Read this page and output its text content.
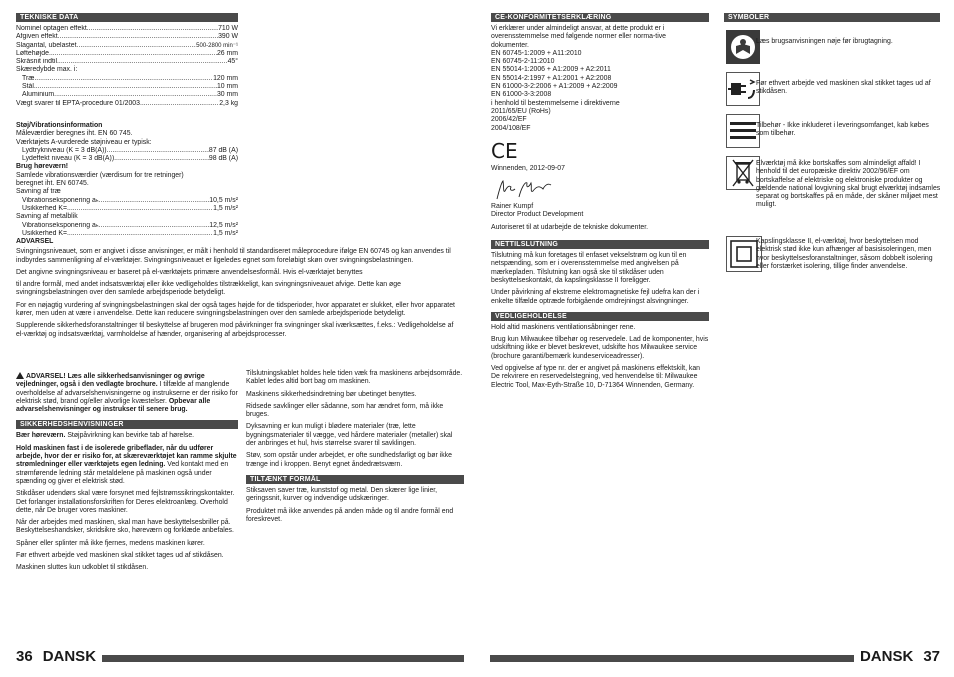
TEKNISKE DATA
Nominel optagen effekt .....	710 W
Afgiven effekt .....	390 W
Slagantal, ubelastet .....	500-2800 min⁻¹
Løftehøjde .....	26 mm
Skråsnit indtil .....	45°
Skæredybde max. i:
Træ .....	120 mm
Stål .....	10 mm
Aluminium .....	30 mm
Vægt svarer til EPTA-procedure 01/2003 .....	2,3 kg
Støj/Vibrationsinformation
Måleværdier beregnes iht. EN 60 745.
Værktøjets A-vurderede støjniveau er typisk:
Lydtrykniveau (K = 3 dB(A)) .....	87 dB (A)
Lydeffekt niveau (K = 3 dB(A)) .....	98 dB (A)
Brug høreværn!
Samlede vibrationsværdier (værdisum for tre retninger)
beregnet iht. EN 60745.
Savning af træ
Vibrationseksponering aₕ .....	10,5 m/s²
Usikkerhed K= .....	1,5 m/s²
Savning af metalblik
Vibrationseksponering aₕ .....	12,5 m/s²
Usikkerhed K= .....	1,5 m/s²
ADVARSEL

Svingningsniveauet, som er angivet i disse anvisninger, er målt i henhold til standardiseret måleprocedure ifølge EN 60745 og kan anvendes til indbyrdes sammenligning af el-værktøjer. Svingningsniveauet er ligeledes egnet som foreløbigt skøn over svingningsbelastningen.

Det angivne svingningsniveau er baseret på el-værktøjets primære anvendelsesformål. Hvis el-værktøjet benyttes

til andre formål, med andet indsatsværktøj eller ikke vedligeholdes tilstrækkeligt, kan svingningsniveauet afvige. Dette kan øge svingningsbelastningen over den samlede arbejdsperiode betydeligt.

For en nøjagtig vurdering af svingningsbelastningen skal der også tages højde for de tidsperioder, hvor apparatet er slukket, eller hvor apparatet kører, men uden at være i anvendelse. Dette kan reducere svingningsbelastningen over den samlede arbejdsperiode betydeligt.

Supplerende sikkerhedsforanstaltninger til beskyttelse af brugeren mod påvirkninger fra svingninger skal iværksættes, f.eks.: Vedligeholdelse af el-værktøj og indsatsværktøj, varmholdelse af hænder, organisering af arbejdsprocesser.

ADVARSEL! Læs alle sikkerhedsanvisninger og øvrige vejledninger, også i den vedlagte brochure. I tilfælde af manglende overholdelse af advarselshenvisningerne og instrukserne er der risiko for elektrisk stød, brand og/eller alvorlige kvæstelser. Opbevar alle advarselshenvisninger og instrukser til senere brug.

SIKKERHEDSHENVISNINGER

Bær høreværn. Støjpåvirkning kan bevirke tab af hørelse.

Hold maskinen fast i de isolerede gribeflader, når du udfører arbejde, hvor der er risiko for, at skæreværktøjet kan ramme skjulte strømledninger eller værktøjets egen ledning. Ved kontakt med en strømførende ledning står metaldelene på maskinen også under spænding og giver et elektrisk stød.

Stikdåser udendørs skal være forsynet med fejlstrømssikringskontakter. Det forlanger installationsforskriften for Deres elektroanlæg. Overhold dette, når De bruger vores maskiner.

Når der arbejdes med maskinen, skal man have beskyttelsesbriller på. Beskyttelseshandsker, skridsikre sko, høreværn og forklæde anbefales.

Spåner eller splinter må ikke fjernes, medens maskinen kører.

Før ethvert arbejde ved maskinen skal stikket tages ud af stikdåsen.

Maskinen sluttes kun udkoblet til stikdåsen.

Tilslutningskablet holdes hele tiden væk fra maskinens arbejdsområde. Kablet ledes altid bort bag om maskinen.

Maskinens sikkerhedsindretning bør ubetinget benyttes.

Ridsede savklinger eller sådanne, som har ændret form, må ikke bruges.

Dyksavning er kun muligt i bløderе materialer (træ, lette bygningsmaterialer til vægge, ved hårdere materialer (metaller) skal der anbringes et hul, hvis størrelse svarer til savklingen.

Støv, som opstår under arbejdet, er ofte sundhedsfarligt og bør ikke trænge ind i kroppen. Benyt egnet åndedrætsværn.

TILTÆNKT FORMÅL

Stiksaven saver træ, kunststof og metal. Den skærer lige linier, geringssnit, kurver og indvendige udskæringer.

Produktet må ikke anvendes på anden måde og til andre formål end foreskrevet.

36 DANSK
CE-KONFORMITETSERKLÆRING
Vi erklærer under almindeligt ansvar, at dette produkt er i
overensstemmelse med følgende normer eller norma-tive
dokumenter.
EN 60745-1:2009 + A11:2010
EN 60745-2-11:2010
EN 55014-1:2006 + A1:2009 + A2:2011
EN 55014-2:1997 + A1:2001 + A2:2008
EN 61000-3-2:2006 + A1:2009 + A2:2009
EN 61000-3-3:2008
i henhold til bestemmelserne i direktiverne
2011/65/EU (RoHs)
2006/42/EF
2004/108/EF
CE
Winnenden, 2012-09-07
Rainer Kumpf
Director Product Development
Autoriseret til at udarbejde de tekniske dokumenter.
NETTILSLUTNING

Tilslutning må kun foretages til enfaset vekselstrøm og kun til en netspænding, som er i overensstemmelse med angivelsen på mærkepladen. Tilslutning kan også ske til stikdåser uden beskyttelseskontakt, da kapslingsklasse II foreligger.

Under påvirkning af ekstreme elektromagnetiske fejl udefra kan der i enkelte tilfælde optræde forbigående omdrejningst alsvingninger.

VEDLIGEHOLDELSE

Hold altid maskinens ventilationsåbninger rene.

Brug kun Milwaukee tilbehør og reservedele. Lad de komponenter, hvis udskiftning ikke er blevet beskrevet, udskifte hos Milwaukee service (brochure garanti/bemærk kundeserviceadresser).

Ved opgivelse af type nr. der er angivet på maskinens effektskilt, kan De rekvirere en reservedelstegning, ved henvendelse til: Milwaukee Electric Tool, Max-Eyth-Straße 10, D-71364 Winnenden, Germany.

SYMBOLER
Læs brugsanvisningen nøje før ibrugtagning.
Før ethvert arbejde ved maskinen skal stikket tages ud af stikdåsen.
Tilbehør - Ikke inkluderet i leveringsomfanget, kab købes som tilbehør.
Elværktøj må ikke bortskaffes som almindeligt affald! I henhold til det europæiske direktiv 2002/96/EF om bortskaffelse af elektriske og elektroniske produkter og gældende national lovgivning skal brugt elværktøj indsamles separat og bortskaffes på en måde, der skåner miljøet mest muligt.
Kapslingsklasse II, el-værktøj, hvor beskyttelsen mod elektrisk stød ikke kun afhænger af basisisoleringen, men hvor beskyttelsesforanstaltninger, såsom dobbelt isolering eller forstærket isolering, tillige finder anvendelse.
DANSK 37
